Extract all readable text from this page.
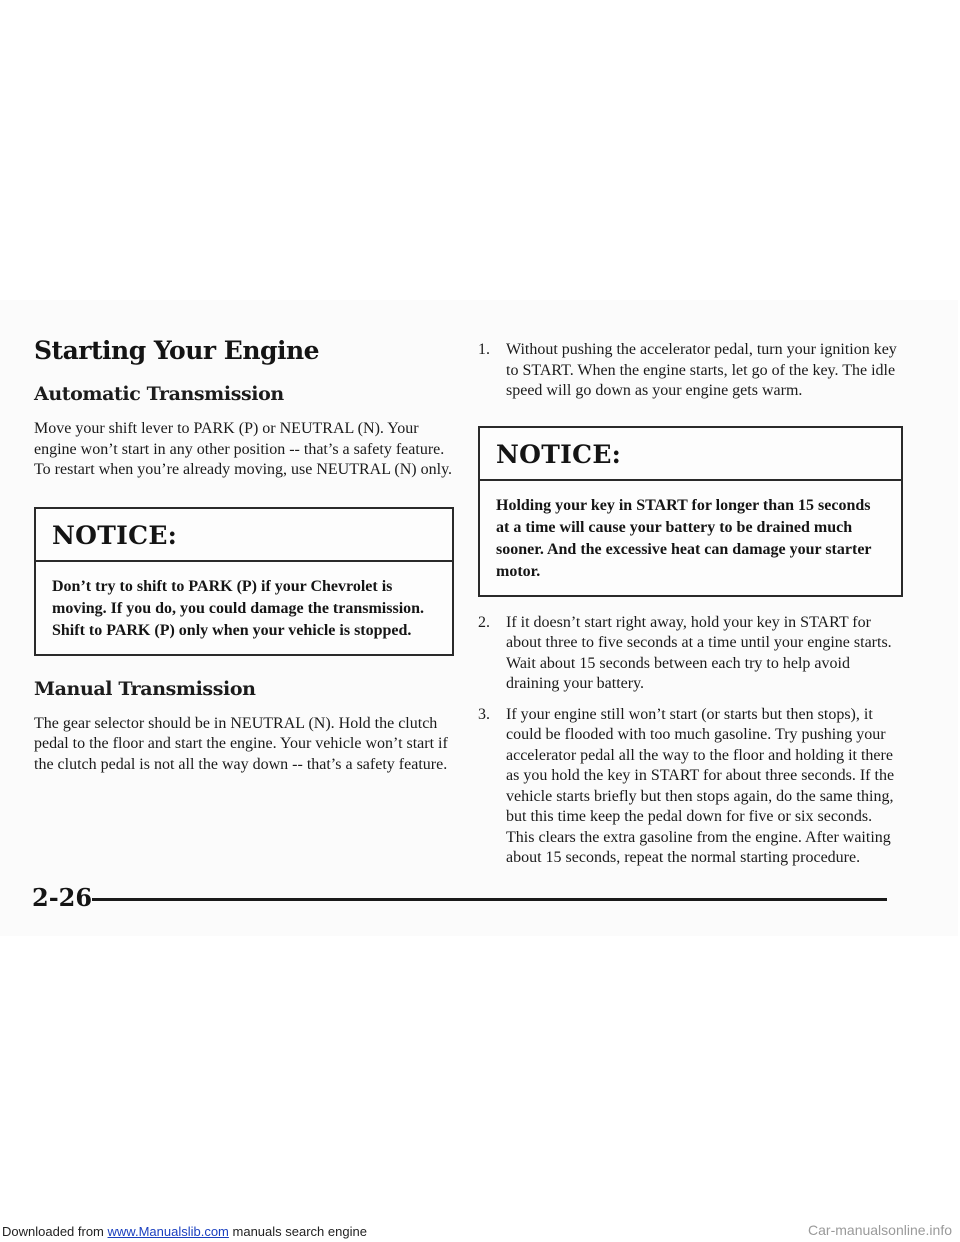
Starting Your Engine
Automatic Transmission

Move your shift lever to PARK (P) or NEUTRAL (N). Your engine won’t start in any other position -- that’s a safety feature. To restart when you’re already moving, use NEUTRAL (N) only.

NOTICE:
Don’t try to shift to PARK (P) if your Chevrolet is moving. If you do, you could damage the transmission. Shift to PARK (P) only when your vehicle is stopped.
Manual Transmission

The gear selector should be in NEUTRAL (N). Hold the clutch pedal to the floor and start the engine. Your vehicle won’t start if the clutch pedal is not all the way down -- that’s a safety feature.

1.	Without pushing the accelerator pedal, turn your ignition key to START. When the engine starts, let go of the key. The idle speed will go down as your engine gets warm.
NOTICE:
Holding your key in START for longer than 15 seconds at a time will cause your battery to be drained much sooner. And the excessive heat can damage your starter motor.
2.	If it doesn’t start right away, hold your key in START for about three to five seconds at a time until your engine starts. Wait about 15 seconds between each try to help avoid draining your battery.
3.	If your engine still won’t start (or starts but then stops), it could be flooded with too much gasoline. Try pushing your accelerator pedal all the way to the floor and holding it there as you hold the key in START for about three seconds. If the vehicle starts briefly but then stops again, do the same thing, but this time keep the pedal down for five or six seconds. This clears the extra gasoline from the engine. After waiting about 15 seconds, repeat the normal starting procedure.
2-26
Downloaded from www.Manualslib.com manuals search engine	Car-manualsonline.info
